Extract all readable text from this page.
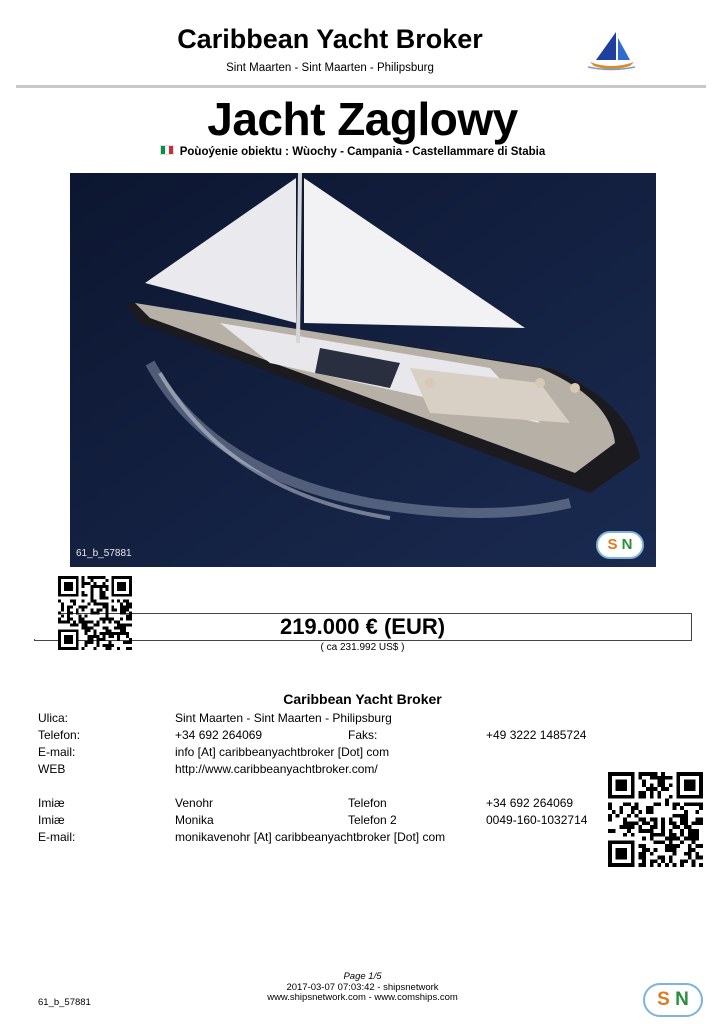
Caribbean Yacht Broker
Sint Maarten - Sint Maarten - Philipsburg
Jacht Zaglowy
Poùoýenie obiektu : Wùochy - Campania - Castellammare di Stabia
61_b_57881
S N
219.000 € (EUR)
( ca 231.992 US$ )
Caribbean Yacht Broker
Ulica:	Sint Maarten - Sint Maarten - Philipsburg
Telefon:	+34 692 264069	Faks:	+49 3222 1485724
E-mail:	info [At] caribbeanyachtbroker [Dot] com
WEB	http://www.caribbeanyachtbroker.com/
Imiæ	Venohr	Telefon	+34 692 264069
Imiæ	Monika	Telefon 2	0049-160-1032714
E-mail:	monikavenohr [At] caribbeanyachtbroker [Dot] com
Page 1/5
2017-03-07 07:03:42 - shipsnetwork
www.shipsnetwork.com - www.comships.com
61_b_57881	S N
